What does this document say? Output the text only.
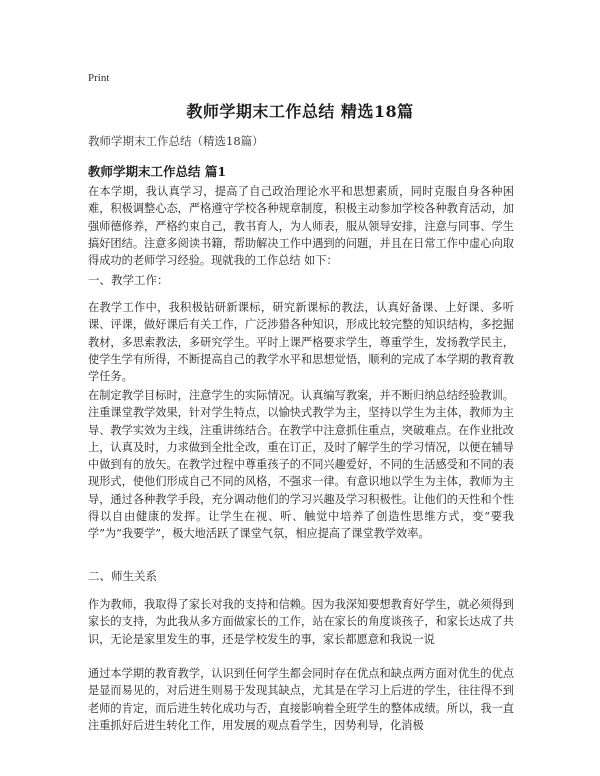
Print
教师学期末工作总结 精选18篇
教师学期末工作总结（精选18篇）
教师学期末工作总结 篇1

在本学期，我认真学习，提高了自己政治理论水平和思想素质，同时克服自身各种困难，积极调整心态，严格遵守学校各种规章制度，积极主动参加学校各种教育活动，加强师德修养，严格约束自己，教书育人，为人师表，服从领导安排，注意与同事、学生搞好团结。注意多阅读书籍，帮助解决工作中遇到的问题，并且在日常工作中虚心向取得成功的老师学习经验。现就我的工作总结 如下：

一、教学工作：

在教学工作中，我积极钻研新课标，研究新课标的教法，认真好备课、上好课、多听课、评课，做好课后有关工作，广泛涉猎各种知识，形成比较完整的知识结构，多挖掘教材，多思索教法，多研究学生。平时上课严格要求学生，尊重学生，发扬教学民主，使学生学有所得，不断提高自己的教学水平和思想觉悟，顺利的完成了本学期的教育教学任务。

在制定教学目标时，注意学生的实际情况。认真编写教案，并不断归纳总结经验教训。注重课堂教学效果，针对学生特点，以愉快式教学为主，坚持以学生为主体，教师为主导、教学实效为主线，注重讲练结合。在教学中注意抓住重点，突破难点。在作业批改上，认真及时，力求做到全批全改，重在订正，及时了解学生的学习情况，以便在辅导中做到有的放矢。在教学过程中尊重孩子的不同兴趣爱好，不同的生活感受和不同的表现形式，使他们形成自己不同的风格，不强求一律。有意识地以学生为主体，教师为主导，通过各种教学手段，充分调动他们的学习兴趣及学习积极性。让他们的天性和个性得以自由健康的发挥。让学生在视、听、触觉中培养了创造性思维方式，变“要我学”为“我要学”，极大地活跃了课堂气氛，相应提高了课堂教学效率。

二、师生关系

作为教师，我取得了家长对我的支持和信赖。因为我深知要想教育好学生，就必须得到家长的支持，为此我从多方面做家长的工作，站在家长的角度谈孩子，和家长达成了共识，无论是家里发生的事，还是学校发生的事，家长都愿意和我说一说

通过本学期的教育教学，认识到任何学生都会同时存在优点和缺点两方面对优生的优点是显而易见的，对后进生则易于发现其缺点，尤其是在学习上后进的学生，往往得不到老师的肯定，而后进生转化成功与否，直接影响着全班学生的整体成绩。所以，我一直注重抓好后进生转化工作，用发展的观点看学生，因势利导，化消极
